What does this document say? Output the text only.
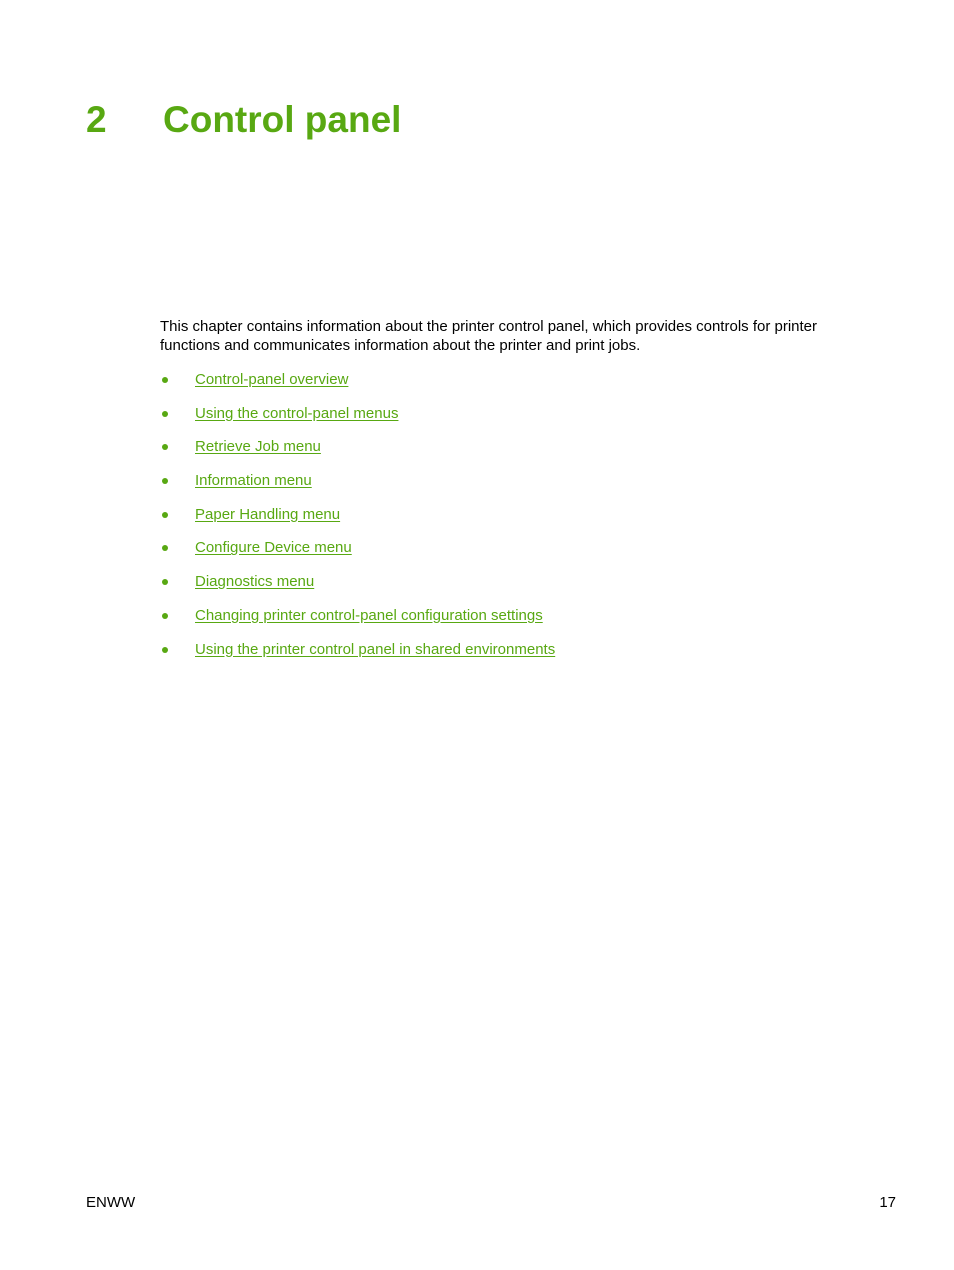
2 Control panel

This chapter contains information about the printer control panel, which provides controls for printer functions and communicates information about the printer and print jobs.

Control-panel overview
Using the control-panel menus
Retrieve Job menu
Information menu
Paper Handling menu
Configure Device menu
Diagnostics menu
Changing printer control-panel configuration settings
Using the printer control panel in shared environments
ENWW	17
